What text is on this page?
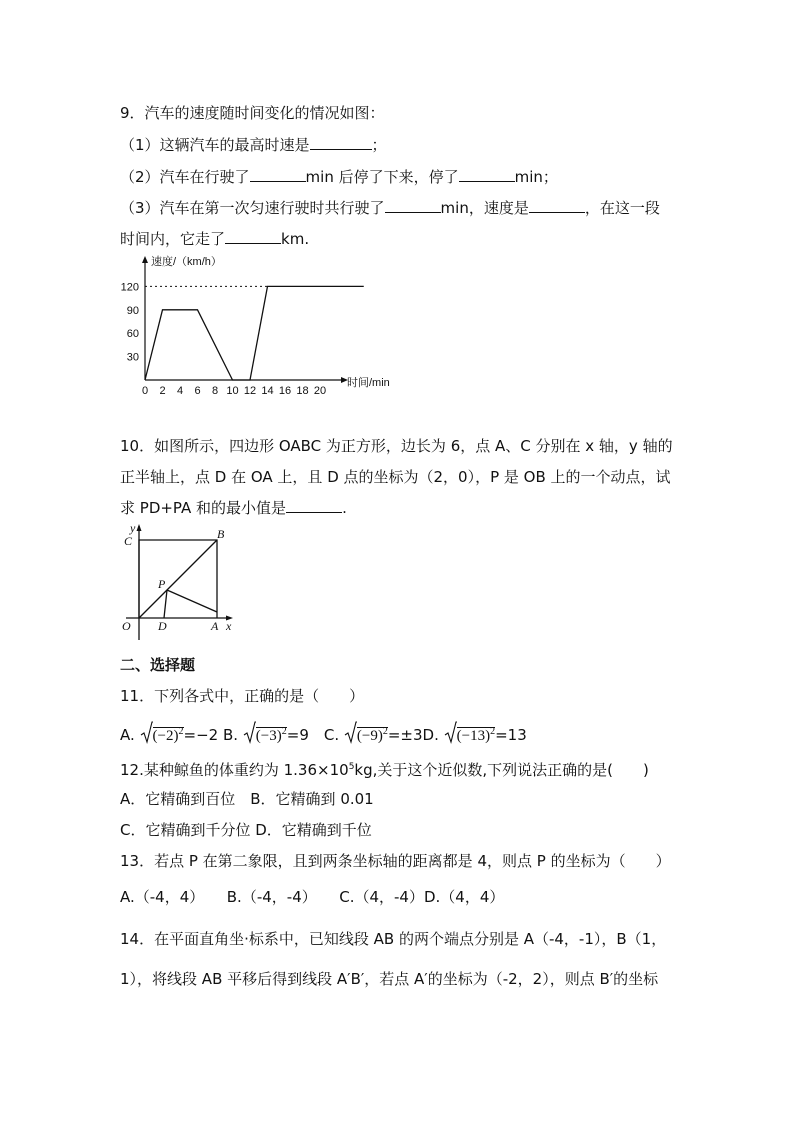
9．汽车的速度随时间变化的情况如图：
（1）这辆汽车的最高时速是	；
（2）汽车在行驶了	min 后停了下来，停了	min；
（3）汽车在第一次匀速行驶时共行驶了	min，速度是	，在这一段
时间内，它走了	km.
30
60
90
120
0 2 4 6 8 10 12 14 16 18 20
速度/（km/h）
时间/min
10．如图所示，四边形 OABC 为正方形，边长为 6，点 A、C 分别在 x 轴，y 轴的
正半轴上，点 D 在 OA 上，且 D 点的坐标为（2，0），P 是 OB 上的一个动点，试
求 PD+PA 和的最小值是	.
y
C	B
P
O D	A x
二、选择题
11．下列各式中，正确的是（　　）
A. $(-2)^2=-2$ B. $(-3)^2=9$　C. $(-9)^2=\pm 3D$. $(-13)^2=13$
12.某种鲸鱼的体重约为 $1.36\times 10^5kg$,关于这个近似数,下列说法正确的是(　　)
A．它精确到百位　B．它精确到 0.01
C．它精确到千分位 D．它精确到千位
13．若点 P 在第二象限，且到两条坐标轴的距离都是 4，则点 P 的坐标为（　　）
A.（-4，4）　　B.（-4，-4）　　C.（4，-4）D.（4，4）
14．在平面直角坐·标系中，已知线段 AB 的两个端点分别是 A（-4，-1），B（1，
1），将线段 AB 平移后得到线段 A′B′，若点 A′的坐标为（-2，2），则点 B′的坐标
